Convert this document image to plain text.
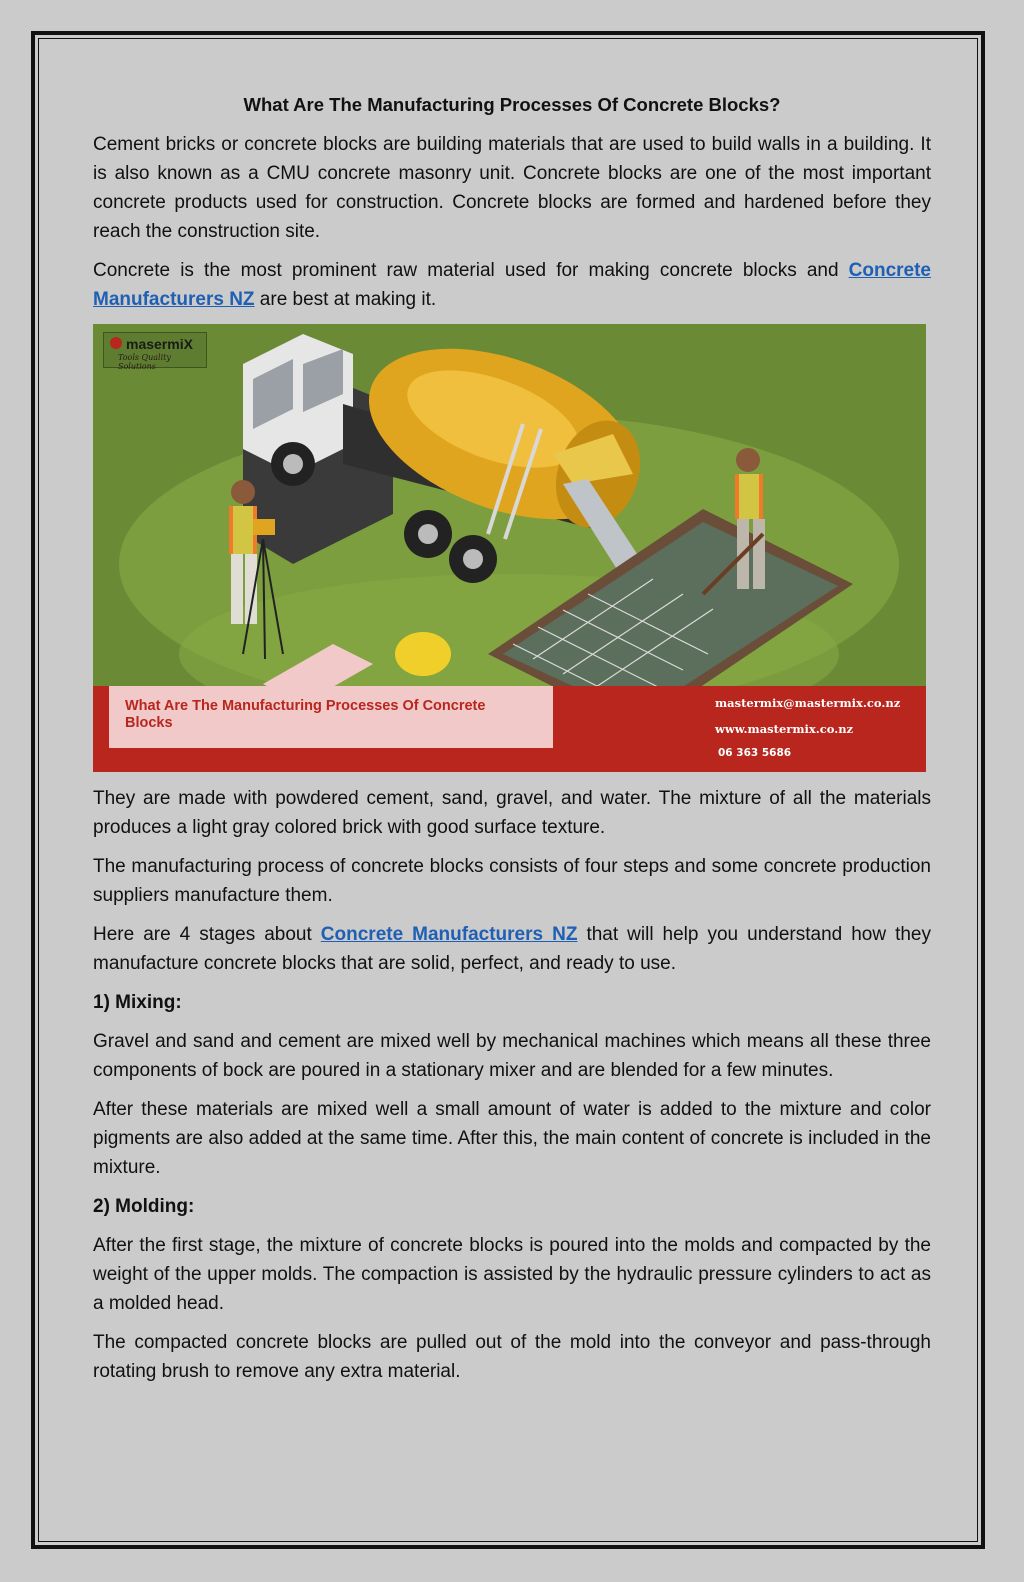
What Are The Manufacturing Processes Of Concrete Blocks?

Cement bricks or concrete blocks are building materials that are used to build walls in a building. It is also known as a CMU concrete masonry unit. Concrete blocks are one of the most important concrete products used for construction. Concrete blocks are formed and hardened before they reach the construction site.

Concrete is the most prominent raw material used for making concrete blocks and Concrete Manufacturers NZ are best at making it.

masermiX
Tools Quality Solutions
What Are The Manufacturing Processes Of Concrete Blocks
mastermix@mastermix.co.nz
www.mastermix.co.nz
06 363 5686

They are made with powdered cement, sand, gravel, and water. The mixture of all the materials produces a light gray colored brick with good surface texture.

The manufacturing process of concrete blocks consists of four steps and some concrete production suppliers manufacture them.

Here are 4 stages about Concrete Manufacturers NZ that will help you understand how they manufacture concrete blocks that are solid, perfect, and ready to use.

1) Mixing:

Gravel and sand and cement are mixed well by mechanical machines which means all these three components of bock are poured in a stationary mixer and are blended for a few minutes.

After these materials are mixed well a small amount of water is added to the mixture and color pigments are also added at the same time. After this, the main content of concrete is included in the mixture.

2) Molding:

After the first stage, the mixture of concrete blocks is poured into the molds and compacted by the weight of the upper molds. The compaction is assisted by the hydraulic pressure cylinders to act as a molded head.

The compacted concrete blocks are pulled out of the mold into the conveyor and pass-through rotating brush to remove any extra material.
